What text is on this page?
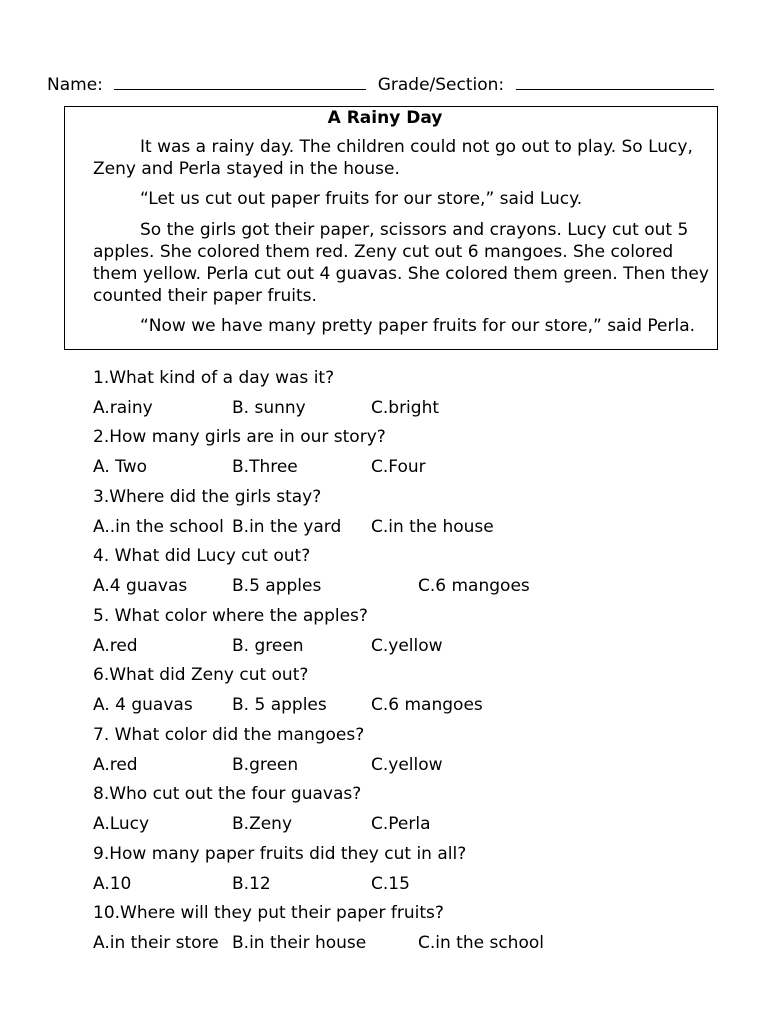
Name:	Grade/Section:
A Rainy Day

It was a rainy day. The children could not go out to play. So Lucy, Zeny and Perla stayed in the house.

“Let us cut out paper fruits for our store,” said Lucy.

So the girls got their paper, scissors and crayons. Lucy cut out 5 apples. She colored them red. Zeny cut out 6 mangoes. She colored them yellow. Perla cut out 4 guavas. She colored them green. Then they counted their paper fruits.

“Now we have many pretty paper fruits for our store,” said Perla.

1.What kind of a day was it?
A.rainy	B. sunny	C.bright
2.How many girls are in our story?
A. Two	B.Three	C.Four
3.Where did the girls stay?
A..in the school B.in the yard C.in the house
4. What did Lucy cut out?
A.4 guavas	B.5 apples	C.6 mangoes
5. What color where the apples?
A.red	B. green	C.yellow
6.What did Zeny cut out?
A. 4 guavas B. 5 apples	C.6 mangoes
7. What color did the mangoes?
A.red	B.green	C.yellow
8.Who cut out the four guavas?
A.Lucy	B.Zeny	C.Perla
9.How many paper fruits did they cut in all?
A.10	B.12	C.15
10.Where will they put their paper fruits?
A.in their store B.in their house	C.in the school
